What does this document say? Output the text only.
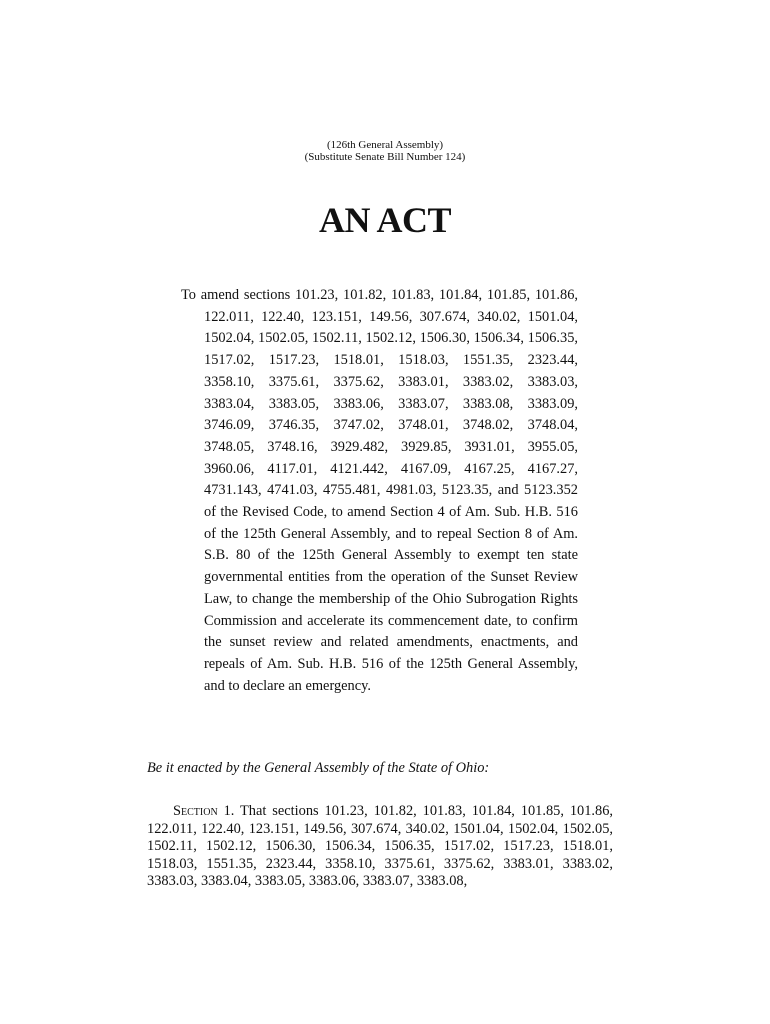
(126th General Assembly)
(Substitute Senate Bill Number 124)
AN ACT
To amend sections 101.23, 101.82, 101.83, 101.84, 101.85, 101.86, 122.011, 122.40, 123.151, 149.56, 307.674, 340.02, 1501.04, 1502.04, 1502.05, 1502.11, 1502.12, 1506.30, 1506.34, 1506.35, 1517.02, 1517.23, 1518.01, 1518.03, 1551.35, 2323.44, 3358.10, 3375.61, 3375.62, 3383.01, 3383.02, 3383.03, 3383.04, 3383.05, 3383.06, 3383.07, 3383.08, 3383.09, 3746.09, 3746.35, 3747.02, 3748.01, 3748.02, 3748.04, 3748.05, 3748.16, 3929.482, 3929.85, 3931.01, 3955.05, 3960.06, 4117.01, 4121.442, 4167.09, 4167.25, 4167.27, 4731.143, 4741.03, 4755.481, 4981.03, 5123.35, and 5123.352 of the Revised Code, to amend Section 4 of Am. Sub. H.B. 516 of the 125th General Assembly, and to repeal Section 8 of Am. S.B. 80 of the 125th General Assembly to exempt ten state governmental entities from the operation of the Sunset Review Law, to change the membership of the Ohio Subrogation Rights Commission and accelerate its commencement date, to confirm the sunset review and related amendments, enactments, and repeals of Am. Sub. H.B. 516 of the 125th General Assembly, and to declare an emergency.
Be it enacted by the General Assembly of the State of Ohio:
Section 1. That sections 101.23, 101.82, 101.83, 101.84, 101.85, 101.86, 122.011, 122.40, 123.151, 149.56, 307.674, 340.02, 1501.04, 1502.04, 1502.05, 1502.11, 1502.12, 1506.30, 1506.34, 1506.35, 1517.02, 1517.23, 1518.01, 1518.03, 1551.35, 2323.44, 3358.10, 3375.61, 3375.62, 3383.01, 3383.02, 3383.03, 3383.04, 3383.05, 3383.06, 3383.07, 3383.08,
